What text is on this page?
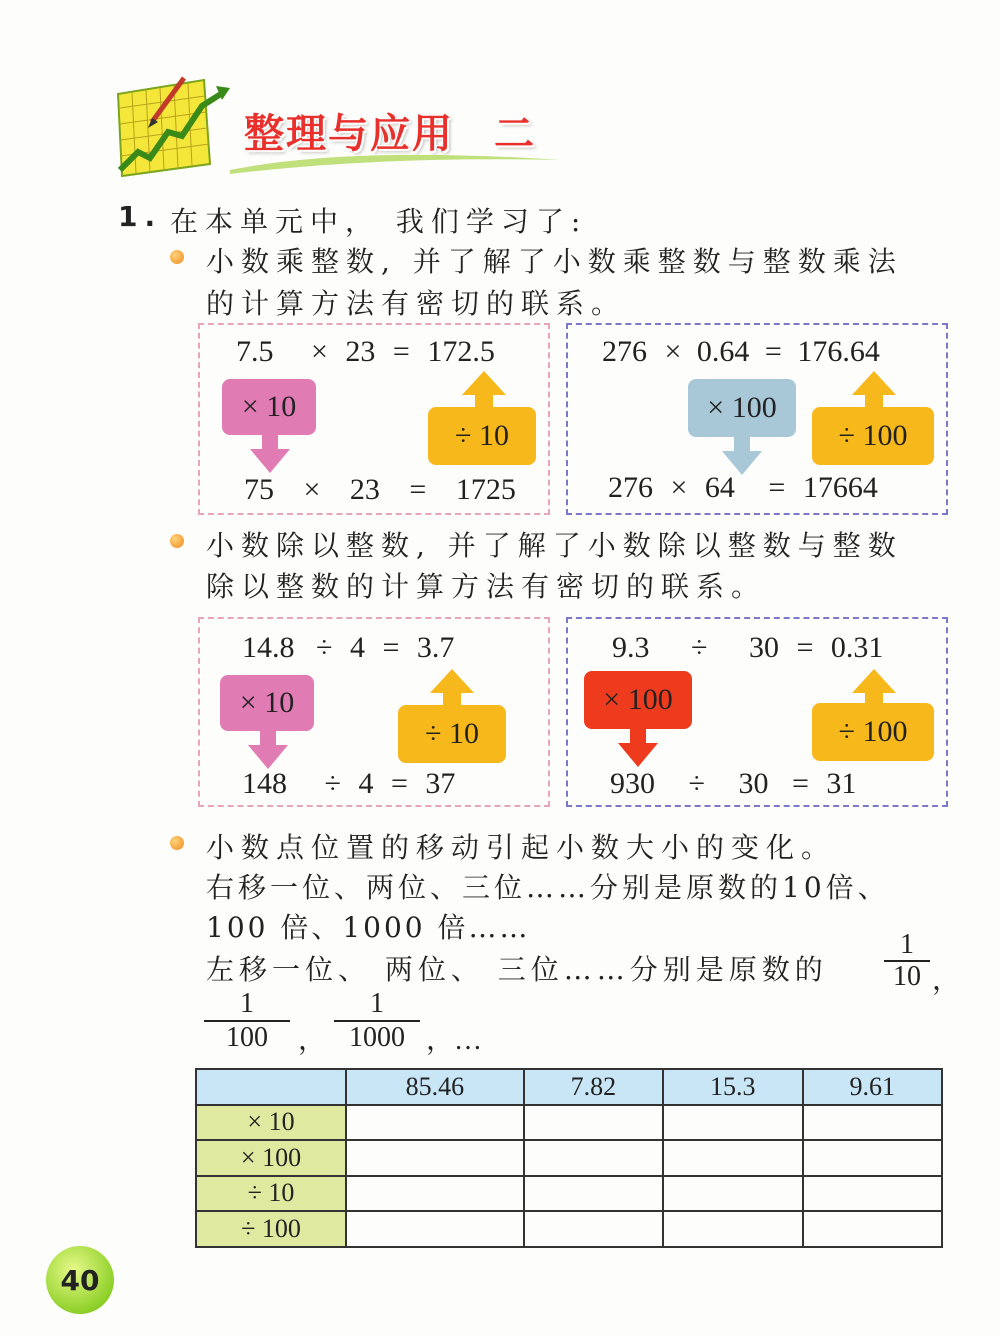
整理与应用 二
1. 在本单元中， 我们学习了:
小数乘整数, 并了解了小数乘整数与整数乘法
的计算方法有密切的联系。
7.5 × 23 = 172.5
× 10
÷ 10
75 × 23 = 1725
276 × 0.64 = 176.64
× 100
÷ 100
276 × 64 = 17664
小数除以整数, 并了解了小数除以整数与整数
除以整数的计算方法有密切的联系。
14.8 ÷ 4 = 3.7
× 10
÷ 10
148 ÷ 4 = 37
9.3 ÷ 30 = 0.31
× 100
÷ 100
930 ÷ 30 = 31
小数点位置的移动引起小数大小的变化。
右移一位、两位、三位……分别是原数的10倍、
100 倍、1000 倍……
左移一位、 两位、 三位……分别是原数的 $\frac{1}{10}$ ，
$\frac{1}{100}$ ， $\frac{1}{1000}$ ，…
	85.46	7.82	15.3	9.61
× 10				
× 100				
÷ 10				
÷ 100				
40
